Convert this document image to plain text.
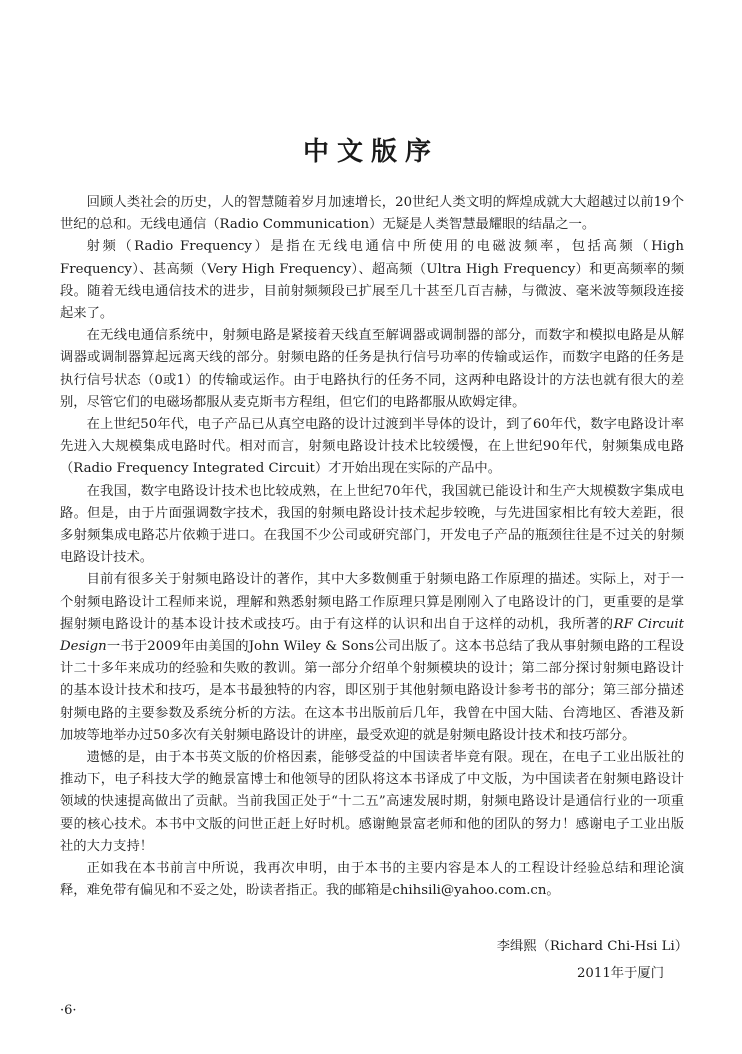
中文版序

回顾人类社会的历史，人的智慧随着岁月加速增长，20世纪人类文明的辉煌成就大大超越过以前19个世纪的总和。无线电通信（Radio Communication）无疑是人类智慧最耀眼的结晶之一。

射频（Radio Frequency）是指在无线电通信中所使用的电磁波频率，包括高频（High Frequency）、甚高频（Very High Frequency）、超高频（Ultra High Frequency）和更高频率的频段。随着无线电通信技术的进步，目前射频频段已扩展至几十甚至几百吉赫，与微波、毫米波等频段连接起来了。

在无线电通信系统中，射频电路是紧接着天线直至解调器或调制器的部分，而数字和模拟电路是从解调器或调制器算起远离天线的部分。射频电路的任务是执行信号功率的传输或运作，而数字电路的任务是执行信号状态（0或1）的传输或运作。由于电路执行的任务不同，这两种电路设计的方法也就有很大的差别，尽管它们的电磁场都服从麦克斯韦方程组，但它们的电路都服从欧姆定律。

在上世纪50年代，电子产品已从真空电路的设计过渡到半导体的设计，到了60年代，数字电路设计率先进入大规模集成电路时代。相对而言，射频电路设计技术比较缓慢，在上世纪90年代，射频集成电路（Radio Frequency Integrated Circuit）才开始出现在实际的产品中。

在我国，数字电路设计技术也比较成熟，在上世纪70年代，我国就已能设计和生产大规模数字集成电路。但是，由于片面强调数字技术，我国的射频电路设计技术起步较晚，与先进国家相比有较大差距，很多射频集成电路芯片依赖于进口。在我国不少公司或研究部门，开发电子产品的瓶颈往往是不过关的射频电路设计技术。

目前有很多关于射频电路设计的著作，其中大多数侧重于射频电路工作原理的描述。实际上，对于一个射频电路设计工程师来说，理解和熟悉射频电路工作原理只算是刚刚入了电路设计的门，更重要的是掌握射频电路设计的基本设计技术或技巧。由于有这样的认识和出自于这样的动机，我所著的RF Circuit Design一书于2009年由美国的John Wiley & Sons公司出版了。这本书总结了我从事射频电路的工程设计二十多年来成功的经验和失败的教训。第一部分介绍单个射频模块的设计；第二部分探讨射频电路设计的基本设计技术和技巧，是本书最独特的内容，即区别于其他射频电路设计参考书的部分；第三部分描述射频电路的主要参数及系统分析的方法。在这本书出版前后几年，我曾在中国大陆、台湾地区、香港及新加坡等地举办过50多次有关射频电路设计的讲座，最受欢迎的就是射频电路设计技术和技巧部分。

遗憾的是，由于本书英文版的价格因素，能够受益的中国读者毕竟有限。现在，在电子工业出版社的推动下，电子科技大学的鲍景富博士和他领导的团队将这本书译成了中文版，为中国读者在射频电路设计领域的快速提高做出了贡献。当前我国正处于“十二五”高速发展时期，射频电路设计是通信行业的一项重要的核心技术。本书中文版的问世正赶上好时机。感谢鲍景富老师和他的团队的努力！感谢电子工业出版社的大力支持！

正如我在本书前言中所说，我再次申明，由于本书的主要内容是本人的工程设计经验总结和理论演释，难免带有偏见和不妥之处，盼读者指正。我的邮箱是chihsili@yahoo.com.cn。

李缉熙（Richard Chi-Hsi Li）
2011年于厦门
·6·
